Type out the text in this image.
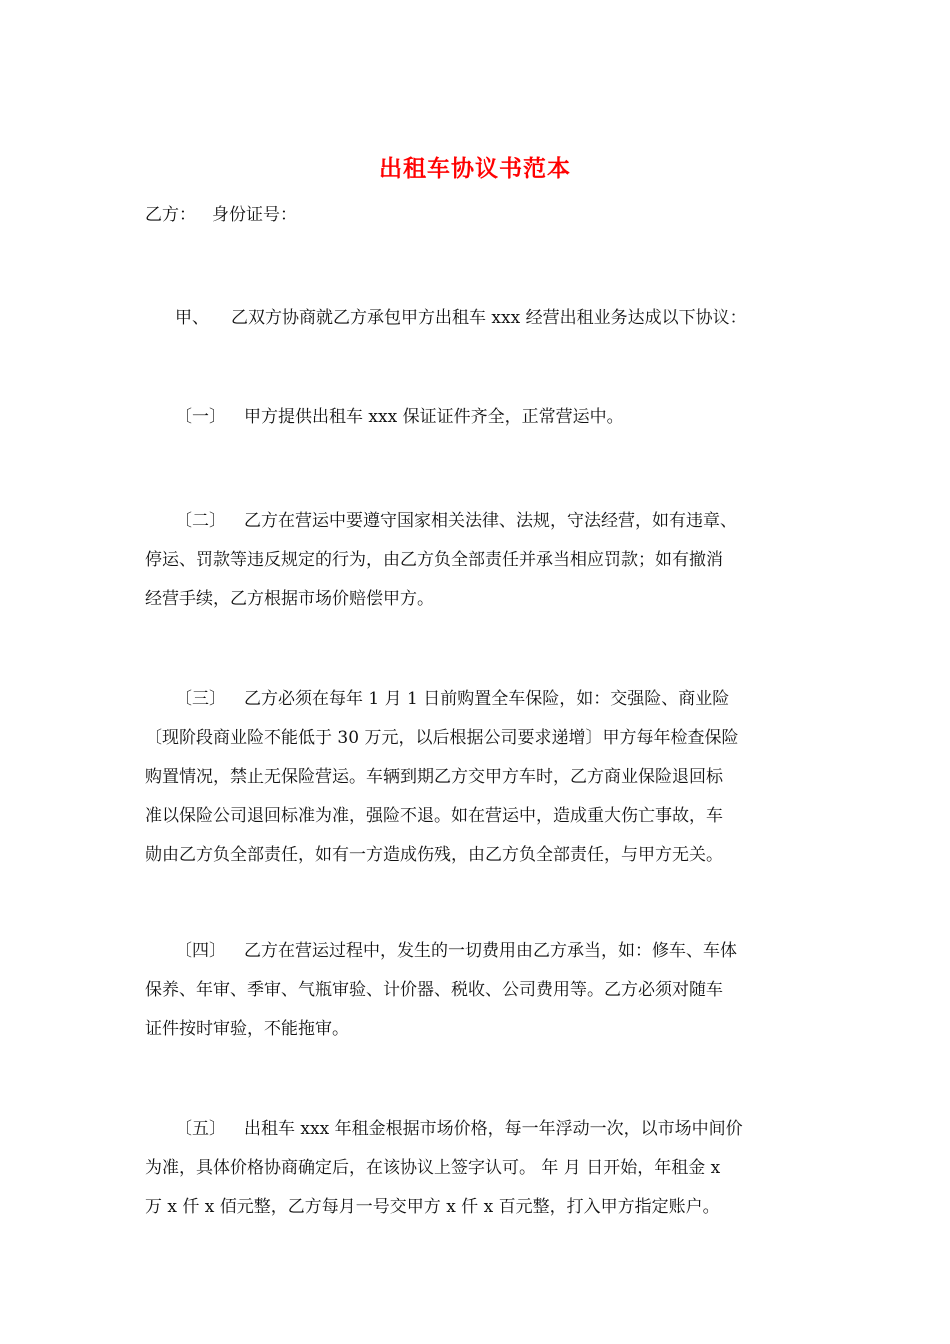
出租车协议书范本
乙方： 身份证号：
甲、 乙双方协商就乙方承包甲方出租车 xxx 经营出租业务达成以下协议：
〔一〕 甲方提供出租车 xxx 保证证件齐全，正常营运中。
〔二〕 乙方在营运中要遵守国家相关法律、法规，守法经营，如有违章、
停运、罚款等违反规定的行为，由乙方负全部责任并承当相应罚款；如有撤消
经营手续，乙方根据市场价赔偿甲方。
〔三〕 乙方必须在每年 1 月 1 日前购置全车保险，如：交强险、商业险
〔现阶段商业险不能低于 30 万元，以后根据公司要求递增〕甲方每年检查保险
购置情况，禁止无保险营运。车辆到期乙方交甲方车时，乙方商业保险退回标
准以保险公司退回标准为准，强险不退。如在营运中，造成重大伤亡事故，车
勋由乙方负全部责任，如有一方造成伤残，由乙方负全部责任，与甲方无关。
〔四〕 乙方在营运过程中，发生的一切费用由乙方承当，如：修车、车体
保养、年审、季审、气瓶审验、计价器、税收、公司费用等。乙方必须对随车
证件按时审验，不能拖审。
〔五〕 出租车 xxx 年租金根据市场价格，每一年浮动一次，以市场中间价
为准，具体价格协商确定后，在该协议上签字认可。 年 月 日开始，年租金 x
万 x 仟 x 佰元整，乙方每月一号交甲方 x 仟 x 百元整，打入甲方指定账户。
